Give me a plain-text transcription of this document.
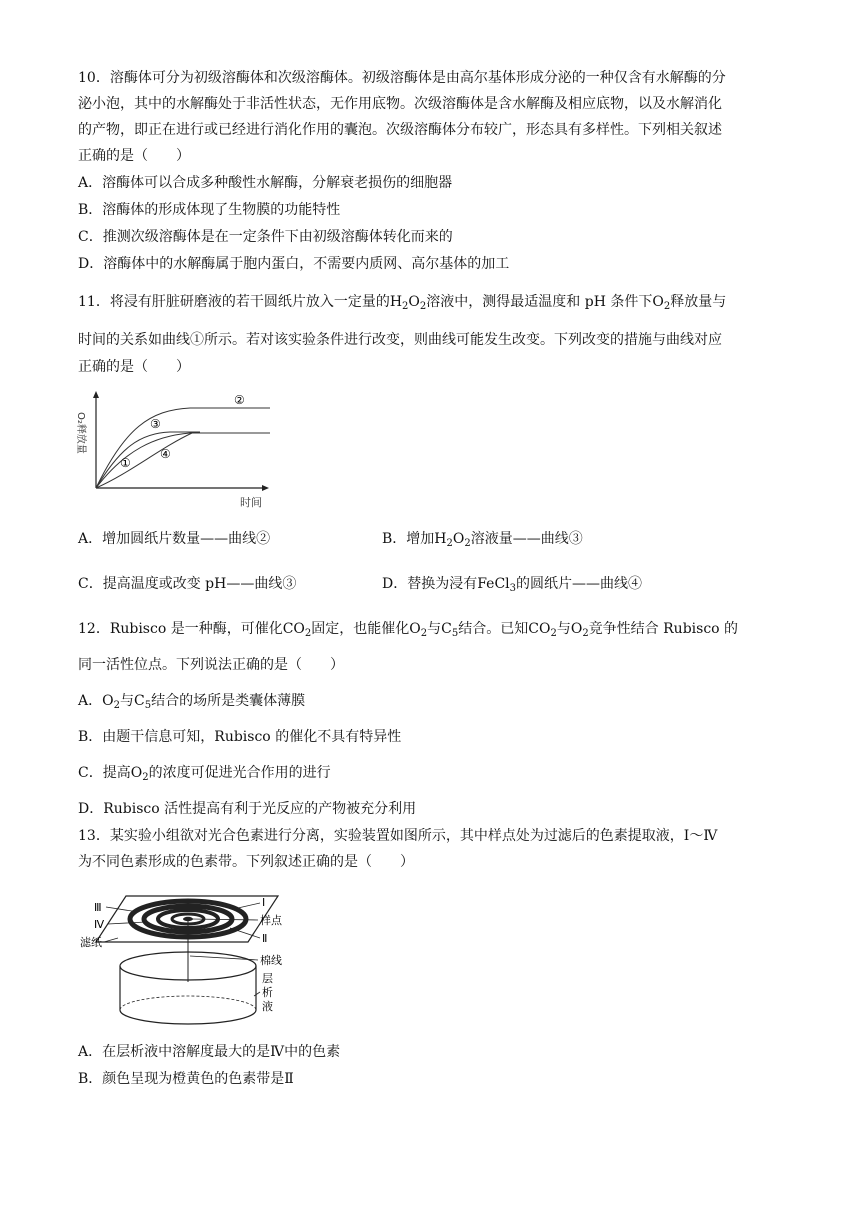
10．溶酶体可分为初级溶酶体和次级溶酶体。初级溶酶体是由高尔基体形成分泌的一种仅含有水解酶的分
泌小泡，其中的水解酶处于非活性状态，无作用底物。次级溶酶体是含水解酶及相应底物，以及水解消化
的产物，即正在进行或已经进行消化作用的囊泡。次级溶酶体分布较广，形态具有多样性。下列相关叙述
正确的是（　　）
A．溶酶体可以合成多种酸性水解酶，分解衰老损伤的细胞器
B．溶酶体的形成体现了生物膜的功能特性
C．推测次级溶酶体是在一定条件下由初级溶酶体转化而来的
D．溶酶体中的水解酶属于胞内蛋白，不需要内质网、高尔基体的加工
11．将浸有肝脏研磨液的若干圆纸片放入一定量的$H_2O_2$溶液中，测得最适温度和 pH 条件下$O_2$释放量与
时间的关系如曲线①所示。若对该实验条件进行改变，则曲线可能发生改变。下列改变的措施与曲线对应
正确的是（　　）
O₂释放量
时间
②
③
①
④
A．增加圆纸片数量——曲线②	B．增加$H_2O_2$溶液量——曲线③
C．提高温度或改变 pH——曲线③	D．替换为浸有FeCl$_3$的圆纸片——曲线④
12．Rubisco 是一种酶，可催化$CO_2$固定，也能催化$O_2$与$C_5$结合。已知$CO_2$与$O_2$竞争性结合 Rubisco 的
同一活性位点。下列说法正确的是（　　）
A．$O_2$与$C_5$结合的场所是类囊体薄膜
B．由题干信息可知，Rubisco 的催化不具有特异性
C．提高$O_2$的浓度可促进光合作用的进行
D．Rubisco 活性提高有利于光反应的产物被充分利用
13．某实验小组欲对光合色素进行分离，实验装置如图所示，其中样点处为过滤后的色素提取液，Ⅰ～Ⅳ
为不同色素形成的色素带。下列叙述正确的是（　　）
Ⅲ
Ⅳ
滤纸
Ⅰ
样点
Ⅱ
棉线
层
析
液
A．在层析液中溶解度最大的是Ⅳ中的色素
B．颜色呈现为橙黄色的色素带是Ⅱ
